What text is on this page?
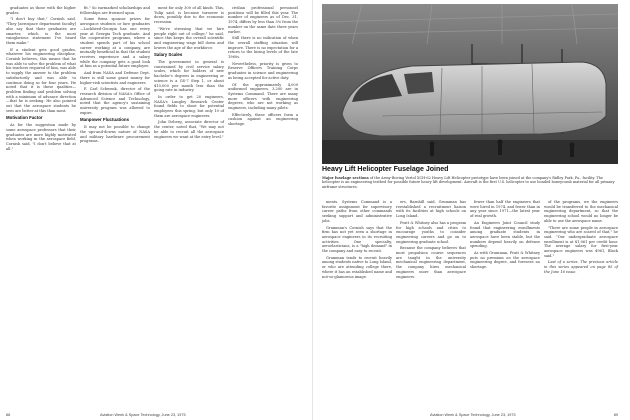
graduates as those with the higher grades.

"I don't buy that," Cornish said. "They [aerospace department faculty] also say that their graduates are smarter, which is the most vainglorious statement I've heard them make."

If a student gets good grades, whatever his engineering discipline, Cornish believes, this means that he was able to solve the problem of what his teachers required of him, was able to supply the answer to the problem satisfactorily and was able to continue doing so for four years. He noted that it is these qualities—problem finding and problem solving with a minimum of advance direction—that he is seeking. He also pointed out that the aerospace students he sees are better at this than most.

Motivation Factor

As for the suggestion made by some aerospace professors that their graduates are more highly motivated when working in the aerospace field, Cornish said, "I don't believe that at all."

fit." So earmarked scholarships and fellowships are frowned upon.

Some firms sponsor prizes for aerospace students or lure graduates—Lockheed-Georgia has one every year at Georgia Tech graduate. And the cooperative programs, where a student spends part of his school career working at a company, are mutually beneficial in that the student receives experience and a salary while the company gets a good look at him as a potential future employee.

And from NASA and Defense Dept. there is still some grant money for higher-risk scientists and engineers.

F. Carl Schwenk, director of the research division of NASA's Office of Advanced Science and Technology, noted that the agency's sustaining university program was allowed to expire.

Manpower Fluctuations

It may not be possible to change the ups-and-downs nature of NASA and military hardware procurement programs.

ment for only 300 of all kinds. This, Tulip said, is because turnover is down, possibly due to the economic recession.

"We're stressing that we hire people right out of college," he said, since this keeps the overall scientific and engineering wage bill down and lowers the age of the workforce.

Salary Scales

The government in general is constrained by civil service salary scales, which for holders of new bachelor's degrees in engineering or science is a GS-7 Step 1, or about $10,000 per month less than the going rate in industry.

In order to get 20 engineers, NASA's Langley Research Center found fields to shoot for potential employees this spring, but only 10 of them are aerospace engineers.

John Deberg, associate director of the center, noted that, "We may not be able to recruit all the aerospace engineers we want at the entry level."

civilian professional personnel positions will be filled this year. The number of engineers as of Dec. 31, 1974, differs by less than 3% from the number on the same date three years earlier.

Still there is no indication of when the overall staffing situation will improve. There is no expectation for a return to the hiring levels of the late 1960s.

Nevertheless, priority is given to Reserve Officers Training Corps graduates in science and engineering as being accepted for active duty.

Of the approximately 4,000 uniformed engineers, 3,200 are in Systems Command. There are many more officers with engineering degrees, who are not working as engineers, including many pilots.

Effectively, these officers form a cushion against an engineering shortage.

Heavy Lift Helicopter Fuselage Joined
Major fuselage sections of the Army-Boeing Vertol XCH-62 Heavy Lift Helicopter prototype have been joined at the company's Ridley Park, Pa., facility. The helicopter is an engineering testbed for possible future heavy lift development. Aircraft is the first U.S. helicopter to use bonded honeycomb material for all primary airframe structures.

ments. Systems Command is a favorite assignment for supervisory career paths from other commands seeking support and administrative jobs.

Grumman's Cornish says that the firm has not yet seen a shortage in aerospace engineers in its recruiting activities. One specialty, aeroelasticians, is a "high demand" in the company and easy to recruit.

Grumman tends to recruit heavily among students native to Long Island, or who are attending college there, where it has an established name and not-so-glamorous image.

ers, Barnhill said, Grumman has reestablished a recruitment liaison with its facilities at high schools on Long Island.

Pratt & Whitney also has a program for high schools and cities to encourage youths to consider engineering careers and go on to engineering graduate school.

Because the company believes that most propulsion course sequences are taught in the university mechanical engineering department, the company hires mechanical engineers more than aerospace engineers.

fewer than half the engineers that were hired in 1974, and fewer than in any year since 1971—the latest year of real growth.

An Engineers Joint Council study found that engineering enrollments among graduate students in aerospace have been stable, but the numbers depend heavily on defense spending.

As with Grumman, Pratt & Whitney puts no premium on the aerospace engineering degree, and foresees no shortage.

of the programs, we the engineers would be transferred to the mechanical engineering department, so that the engineering school would no longer be able to use the aerospace name.

"There are some people in aerospace engineering who are scared of that," he said. "Our undergraduate aerospace enrollment is at $1,061 per credit hour. The average salary for first-year aerospace engineers was $961, Black said."

Last of a series. The previous article in this series appeared on page 85 of the June 16 issue.

88	Aviation Week & Space Technology, June 23, 1975	Aviation Week & Space Technology, June 23, 1975	89
